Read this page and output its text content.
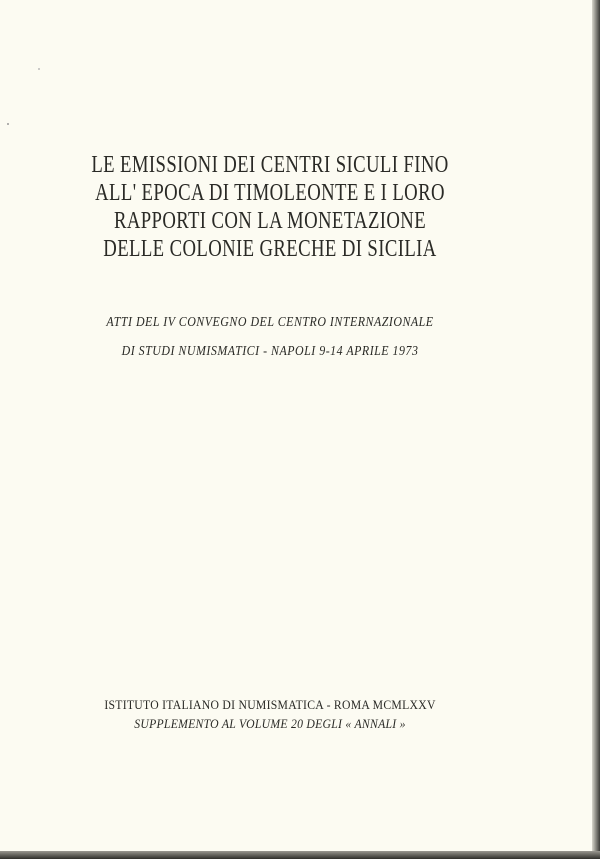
LE EMISSIONI DEI CENTRI SICULI FINO
ALL' EPOCA DI TIMOLEONTE E I LORO
RAPPORTI CON LA MONETAZIONE
DELLE COLONIE GRECHE DI SICILIA
ATTI DEL IV CONVEGNO DEL CENTRO INTERNAZIONALE
DI STUDI NUMISMATICI - NAPOLI 9-14 APRILE 1973
ISTITUTO ITALIANO DI NUMISMATICA - ROMA MCMLXXV
SUPPLEMENTO AL VOLUME 20 DEGLI « ANNALI »
